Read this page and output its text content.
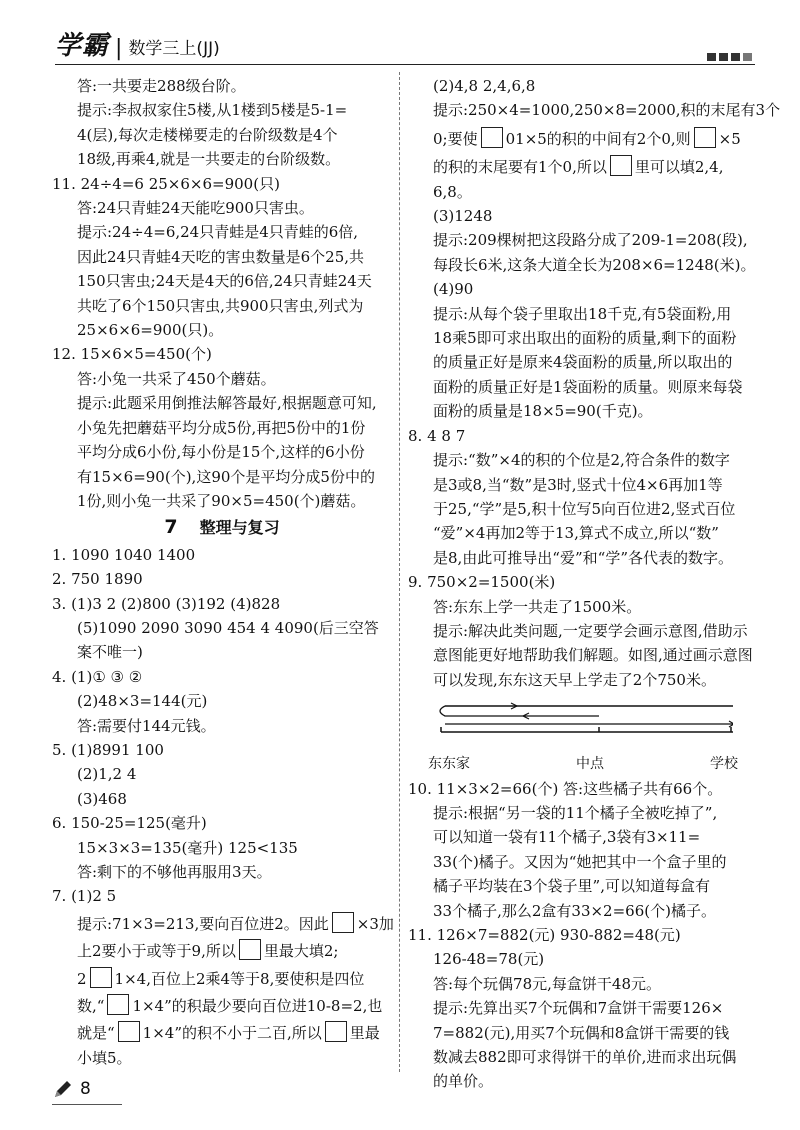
学霸 | 数学三上(JJ)
答:一共要走288级台阶。
提示:李叔叔家住5楼,从1楼到5楼是5-1=
4(层),每次走楼梯要走的台阶级数是4个
18级,再乘4,就是一共要走的台阶级数。
11. 24÷4=6 25×6×6=900(只)
答:24只青蛙24天能吃900只害虫。
提示:24÷4=6,24只青蛙是4只青蛙的6倍,
因此24只青蛙4天吃的害虫数量是6个25,共
150只害虫;24天是4天的6倍,24只青蛙24天
共吃了6个150只害虫,共900只害虫,列式为
25×6×6=900(只)。
12. 15×6×5=450(个)
答:小兔一共采了450个蘑菇。
提示:此题采用倒推法解答最好,根据题意可知,
小兔先把蘑菇平均分成5份,再把5份中的1份
平均分成6小份,每小份是15个,这样的6小份
有15×6=90(个),这90个是平均分成5份中的
1份,则小兔一共采了90×5=450(个)蘑菇。
7 整理与复习
1. 1090 1040 1400
2. 750 1890
3. (1)3 2 (2)800 (3)192 (4)828
(5)1090 2090 3090 454 4 4090(后三空答
案不唯一)
4. (1)① ③ ②
(2)48×3=144(元)
答:需要付144元钱。
5. (1)8991 100
(2)1,2 4
(3)468
6. 150-25=125(毫升)
15×3×3=135(毫升) 125<135
答:剩下的不够他再服用3天。
7. (1)2 5
提示:71×3=213,要向百位进2。因此 ×3加
上2要小于或等于9,所以 里最大填2;
2 1×4,百位上2乘4等于8,要使积是四位
数,“ 1×4”的积最少要向百位进10-8=2,也
就是“ 1×4”的积不小于二百,所以 里最
小填5。
(2)4,8 2,4,6,8
提示:250×4=1000,250×8=2000,积的末尾有3个
0;要使 01×5的积的中间有2个0,则 ×5
的积的末尾要有1个0,所以 里可以填2,4,
6,8。
(3)1248
提示:209棵树把这段路分成了209-1=208(段),
每段长6米,这条大道全长为208×6=1248(米)。
(4)90
提示:从每个袋子里取出18千克,有5袋面粉,用
18乘5即可求出取出的面粉的质量,剩下的面粉
的质量正好是原来4袋面粉的质量,所以取出的
面粉的质量正好是1袋面粉的质量。则原来每袋
面粉的质量是18×5=90(千克)。
8. 4 8 7
提示:“数”×4的积的个位是2,符合条件的数字
是3或8,当“数”是3时,竖式十位4×6再加1等
于25,“学”是5,积十位写5向百位进2,竖式百位
“爱”×4再加2等于13,算式不成立,所以“数”
是8,由此可推导出“爱”和“学”各代表的数字。
9. 750×2=1500(米)
答:东东上学一共走了1500米。
提示:解决此类问题,一定要学会画示意图,借助示
意图能更好地帮助我们解题。如图,通过画示意图
可以发现,东东这天早上学走了2个750米。
东东家	中点	学校
10. 11×3×2=66(个) 答:这些橘子共有66个。
提示:根据“另一袋的11个橘子全被吃掉了”,
可以知道一袋有11个橘子,3袋有3×11=
33(个)橘子。又因为“她把其中一个盒子里的
橘子平均装在3个袋子里”,可以知道每盒有
33个橘子,那么2盒有33×2=66(个)橘子。
11. 126×7=882(元) 930-882=48(元)
126-48=78(元)
答:每个玩偶78元,每盒饼干48元。
提示:先算出买7个玩偶和7盒饼干需要126×
7=882(元),用买7个玩偶和8盒饼干需要的钱
数减去882即可求得饼干的单价,进而求出玩偶
的单价。
8
